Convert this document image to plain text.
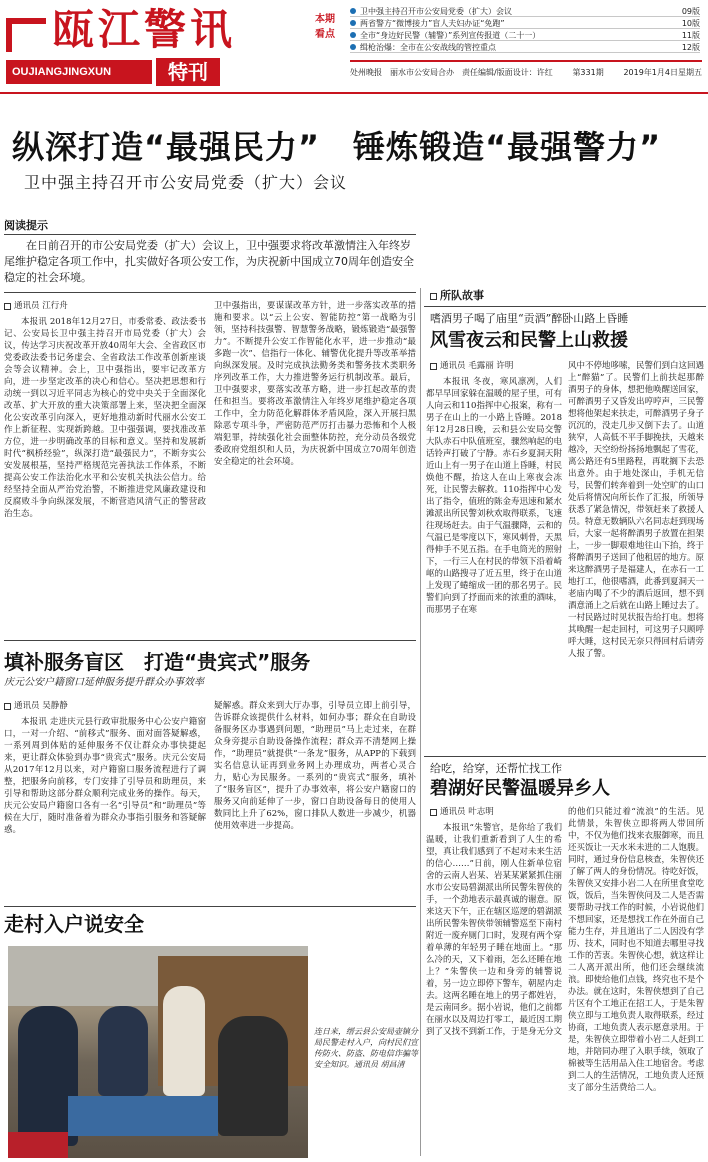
瓯江警讯	本期看点
OUJIANGJINGXUN	特刊
卫中强主持召开市公安局党委（扩大）会议	09版
两省警方“微博接力”盲人夫妇办证“免跑”	10版
全市“身边好民警（辅警）”系列宣传报道（二十一）	11版
缉枪治爆：全市在公安战线的管控重点	12版
处州晚报　丽水市公安局合办　责任编辑/版面设计：许红 第331期 2019年1月4日星期五
纵深打造“最强民力”　锤炼锻造“最强警力”
卫中强主持召开市公安局党委（扩大）会议
阅读提示
在日前召开的市公安局党委（扩大）会议上，卫中强要求将改革激情注入年终岁尾维护稳定各项工作中，扎实做好各项公安工作，为庆祝新中国成立70周年创造安全稳定的社会环境。
通讯员 江行舟
本报讯 2018年12月27日，市委常委、政法委书记、公安局长卫中强主持召开市局党委（扩大）会议，传达学习庆祝改革开放40周年大会、全省政区市党委政法委书记务虚会、全省政法工作改革创新座谈会等会议精神。会上，卫中强指出，要牢记改革方向，进一步坚定改革的决心和信心。坚决把思想和行动统一到以习近平同志为核心的党中央关于全面深化改革、扩大开放的重大决策部署上来，坚决把全面深化公安改革引向深入，更好地推动新时代丽水公安工作上新征程、实现新跨越。卫中强强调，要找准改革方位，进一步明确改革的目标和意义。坚持和发展新时代“枫桥经验”，纵深打造“最强民力”，不断夯实公安发展根基，坚持严格规范完善执法工作体系，不断提高公安工作法治化水平和公安机关执法公信力。给经坚持全面从严治党治警，不断推进党风廉政建设和反腐败斗争向纵深发展，不断营造风清气正的警营政治生态。
卫中强指出，要谋谋改革方针，进一步落实改革的措施和要求。以“云上公安、智能防控”第一战略为引领，坚持科技强警、智慧警务战略，锻炼锻造“最强警力”。不断提升公安工作智能化水平，进一步推动“最多跑一次”、信指行一体化、辅警优化提升等改革举措向纵深发展。及时完成执法勤务类和警务技术类职务序列改革工作，大力推进警务运行机制改革。最后，卫中强要求，要落实改革方略，进一步扛起改革的责任和担当。要将改革激情注入年终岁尾维护稳定各项工作中，全力防范化解群体矛盾风险，深入开展扫黑除恶专项斗争，严密防范严厉打击暴力恐怖和个人极端犯罪，持续强化社会面整体防控，充分动员各级党委政府党组织和人员，为庆祝新中国成立70周年创造安全稳定的社会环境。
填补服务盲区　打造“贵宾式”服务
庆元公安户籍窗口延伸服务提升群众办事效率
通讯员 吴静静
本报讯 走进庆元县行政审批服务中心公安户籍窗口，一对一介绍、“前移式”服务、面对面答疑解惑，一系列周到体贴的延伸服务不仅让群众办事快捷起来，更让群众体验到办事“贵宾式”服务。庆元公安局从2017年12月以来，对户籍窗口服务流程进行了调整，把服务向前移，专门安排了引导员和助理员，来引导和帮助这部分群众顺利完成业务的操作。每天，庆元公安局户籍窗口各有一名“引导员”和“助理员”等候在大厅，随时准备着为群众办事指引服务和答疑解惑。
疑解惑。群众来到大厅办事，引导员立即上前引导，告诉群众该提供什么材料，如何办事；群众在自助设备服务区办事遇到问题，“助理员”马上走过来，在群众身旁提示自助设备操作流程；群众弄不清楚网上操作，“助理员”就提供“一条龙”服务，从APP的下载到实名信息认证再到业务网上办理成功，两者心灵合力，贴心为民服务。一系列的“贵宾式”服务，填补了“服务盲区”，提升了办事效率，将公安户籍窗口的服务又向前延伸了一步，窗口自助设备每日的使用人数同比上升了62%，窗口排队人数进一步减少，机器使用效率进一步提高。
走村入户说安全
连日来，缙云县公安局壶镇分局民警走村入户，向村民们宣传防火、防盗、防电信诈骗等安全知识。通讯员 胡昌清
所队故事
嗜酒男子喝了庙里“贡酒”醉卧山路上昏睡
风雪夜云和民警上山救援
通讯员 毛露丽 许明
本报讯 冬夜，寒风凛冽，人们都早早回家躲在温暖的屋子里，可有人向云和110指挥中心报案，称有一男子在山上的一小路上昏睡。2018年12月28日晚，云和县公安局交警大队赤石中队值班室，骤然响起的电话铃声打破了宁静。赤石乡夏洞天附近山上有一男子在山道上昏睡，村民焕他不醒，抬这人在山上寒夜会冻死，让民警去解救。110指挥中心发出了指令，值班的陈金寿迅速和紧水滩派出所民警刘秋欢取得联系，飞速往现场赶去。由于气温骤降，云和的气温已是零度以下，寒风刺骨，天黑得伸手不见五指。在手电筒光的照射下，一行三人在村民的带领下沿着崎岖的山路搜寻了近五里，终于在山道上发现了蜷缩成一团的那名男子。民警们向到了抒面而来的浓重的酒味，而那男子在寒
风中不停地哆嗦，民警们到白这回遇上“醉猫”了。民警们上前扶起那醉酒男子的身体，想把他唤醒送回家，可醉酒男子又昏发出哼哼声，三民警想将他架起来扶走，可醉酒男子身子沉沉的，没走几步又倒下去了。山道狭窄，人高低不平手脚挽扶，天越来越冷，天空纷纷扬扬地飘起了雪花，离公路还有5里路程，再耽搁下去恐出意外。由于地处深山，手机无信号，民警们转奔着到一处空旷的山口处后将情况向所长作了汇报，所领导获悉了紧急情况，带领赶来了救援人员。特意无数辆队六名同志赶到现场后，大家一起将醉酒男子放置在担架上，一步一脚艰难地往山下抬，终于将醉酒男子送回了他租居的地方。原来这醉酒男子是福建人，在赤石一工地打工，他很嗜酒，此番到夏洞天一老庙内喝了不少的酒后返回，想不到酒意涌上之后就在山路上睡过去了。一村民路过时见状报告给打电。想将其唤醒一起走回村，可这男子只顾呼呼大睡，这村民无奈只得回村后请旁人报了警。
给吃，给穿，还帮忙找工作
碧湖好民警温暖异乡人
通讯员 叶志明
本报讯“朱警官，是你给了我们温暖，让我们重新看到了人生的希望，真让我们感到了不起对未来生活的信心……”日前，刚人住新单位宿舍的云南人岩某、岩某某紧紧抓住丽水市公安局碧湖派出所民警朱智侠的手，一个劲地表示最真诚的谢意。原来这天下午，正在辖区巡逻的碧湖派出所民警朱智侠带领辅警巡至下南村附近一废弃厕门口时，发现有两个穿着单薄的年轻男子睡在地面上。“那么冷的天，又下着雨，怎么还睡在地上？”朱警侠一边和身旁的辅警说着，另一边立即停下警车，朝屋内走去。这两名睡在地上的男子都姓岩，是云南同乡。据小岩说，他们之前都在丽水以及周边打零工，最近因工期到了又找不到新工作，于是身无分文
的他们只能过着“流浪”的生活。见此情景，朱智侠立即将两人带回所中，不仅为他们找来衣服御寒，而且还买饭让一天水米未进的二人饱腹。同时，通过身份信息核查，朱智侠还了解了两人的身份情况。待吃好饭，朱智侠又安排小岩二人在所里食堂吃饭，饭后，当朱智侠问及二人是否需要帮助寻找工作的时候，小岩说他们不想回家，还是想找工作在外面自己能力生存，并且道出了二人因没有学历、技术，同时也不知道去哪里寻找工作的苦衷。朱智侠心想，就这样让二人离开派出所，他们还会继续流浪。即使给他们点钱，终究也不是个办法。就在这时，朱智侠想到了自己片区有个工地正在招工人，于是朱智侠立即与工地负责人取得联系，经过协商，工地负责人表示愿意录用。于是，朱智侠立即带着小岩二人赶到工地，并陪同办理了入职手续，领取了棉被等生活用品入住工地宿舍。考虑到二人的生活情况，工地负责人还预支了部分生活费给二人。
